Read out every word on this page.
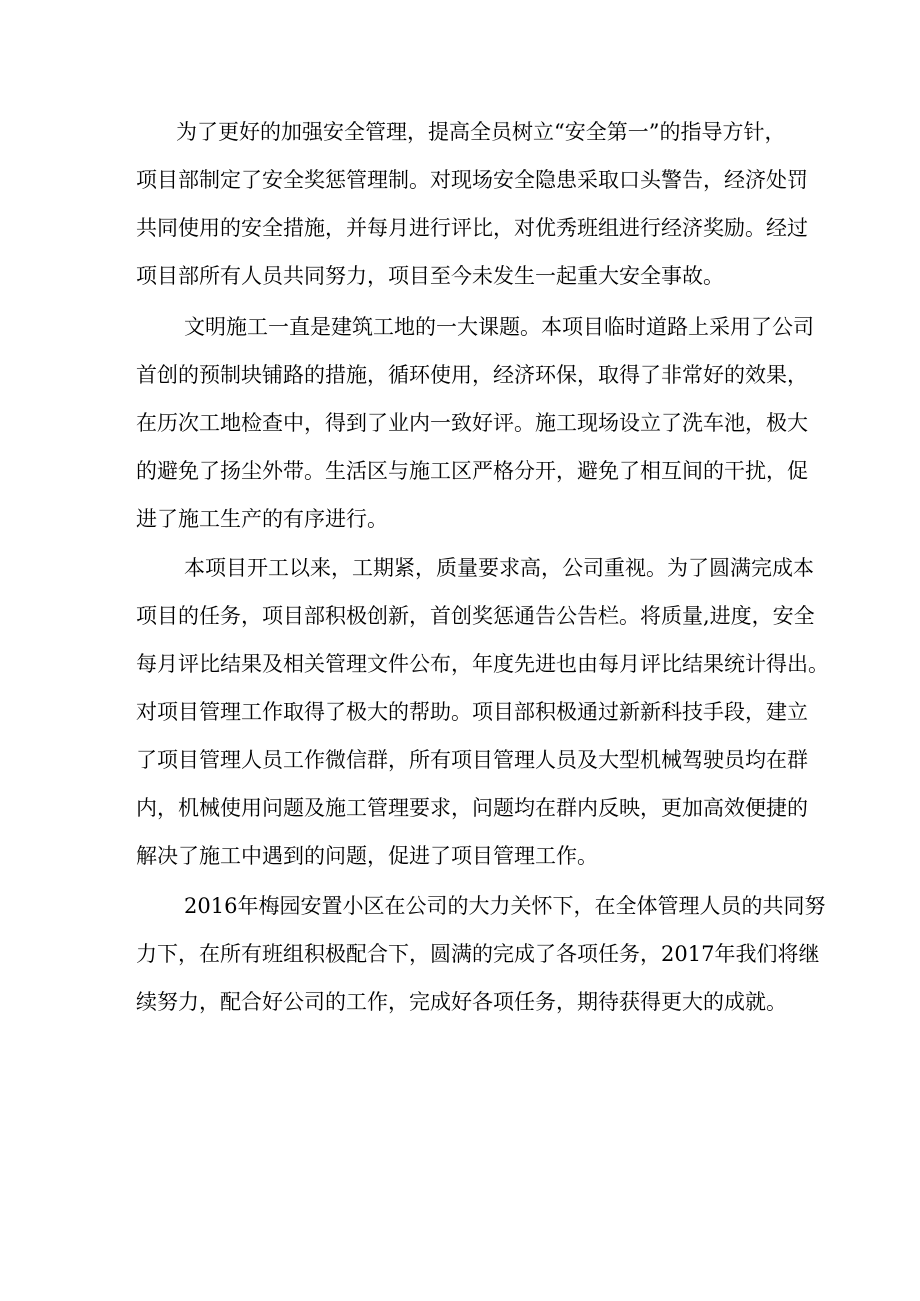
为了更好的加强安全管理，提高全员树立“安全第一”的指导方针，
项目部制定了安全奖惩管理制。对现场安全隐患采取口头警告，经济处罚
共同使用的安全措施，并每月进行评比，对优秀班组进行经济奖励。经过
项目部所有人员共同努力，项目至今未发生一起重大安全事故。
文明施工一直是建筑工地的一大课题。本项目临时道路上采用了公司
首创的预制块铺路的措施，循环使用，经济环保，取得了非常好的效果，
在历次工地检查中，得到了业内一致好评。施工现场设立了洗车池，极大
的避免了扬尘外带。生活区与施工区严格分开，避免了相互间的干扰，促
进了施工生产的有序进行。
本项目开工以来，工期紧，质量要求高，公司重视。为了圆满完成本
项目的任务，项目部积极创新，首创奖惩通告公告栏。将质量,进度，安全
每月评比结果及相关管理文件公布，年度先进也由每月评比结果统计得出。
对项目管理工作取得了极大的帮助。项目部积极通过新新科技手段，建立
了项目管理人员工作微信群，所有项目管理人员及大型机械驾驶员均在群
内，机械使用问题及施工管理要求，问题均在群内反映，更加高效便捷的
解决了施工中遇到的问题，促进了项目管理工作。
2016年梅园安置小区在公司的大力关怀下，在全体管理人员的共同努
力下，在所有班组积极配合下，圆满的完成了各项任务，2017年我们将继
续努力，配合好公司的工作，完成好各项任务，期待获得更大的成就。
